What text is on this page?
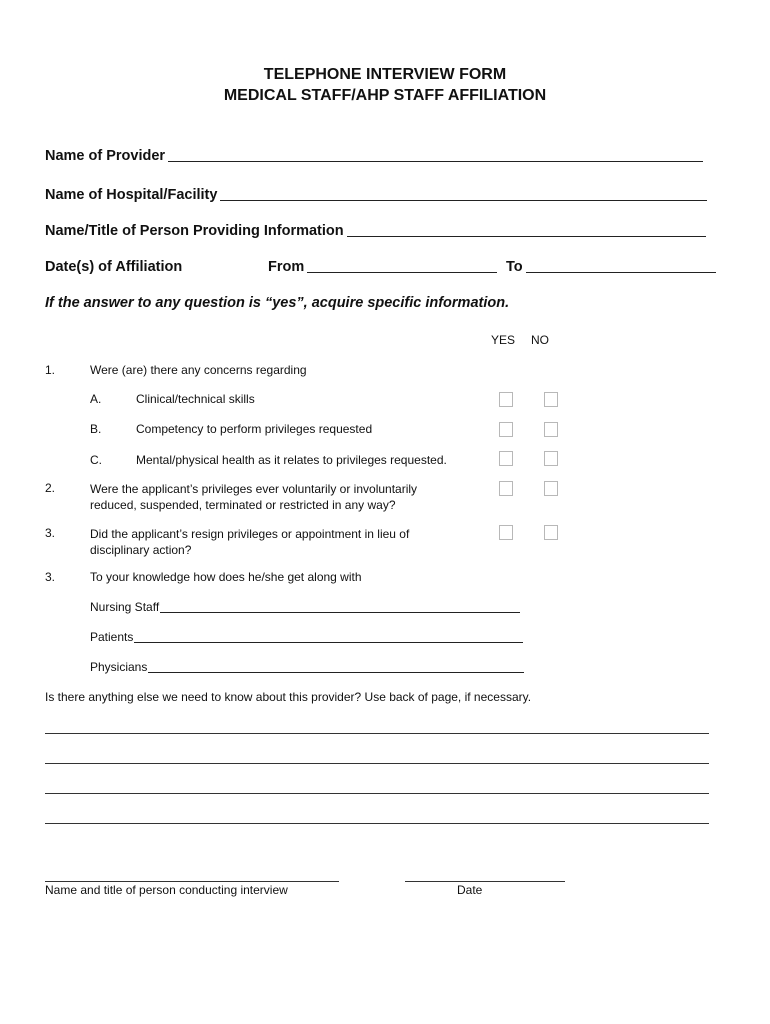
TELEPHONE INTERVIEW FORM
MEDICAL STAFF/AHP STAFF AFFILIATION
Name of Provider
Name of Hospital/Facility
Name/Title of Person Providing Information
Date(s) of Affiliation	From	To
If the answer to any question is “yes”, acquire specific information.
YES NO
1.	Were (are) there any concerns regarding
A.	Clinical/technical skills
B.	Competency to perform privileges requested
C.	Mental/physical health as it relates to privileges requested.
2.	Were the applicant’s privileges ever voluntarily or involuntarily reduced, suspended, terminated or restricted in any way?
3.	Did the applicant’s resign privileges or appointment in lieu of disciplinary action?
3.	To your knowledge how does he/she get along with
Nursing Staff
Patients
Physicians
Is there anything else we need to know about this provider? Use back of page, if necessary.
Name and title of person conducting interview	Date
